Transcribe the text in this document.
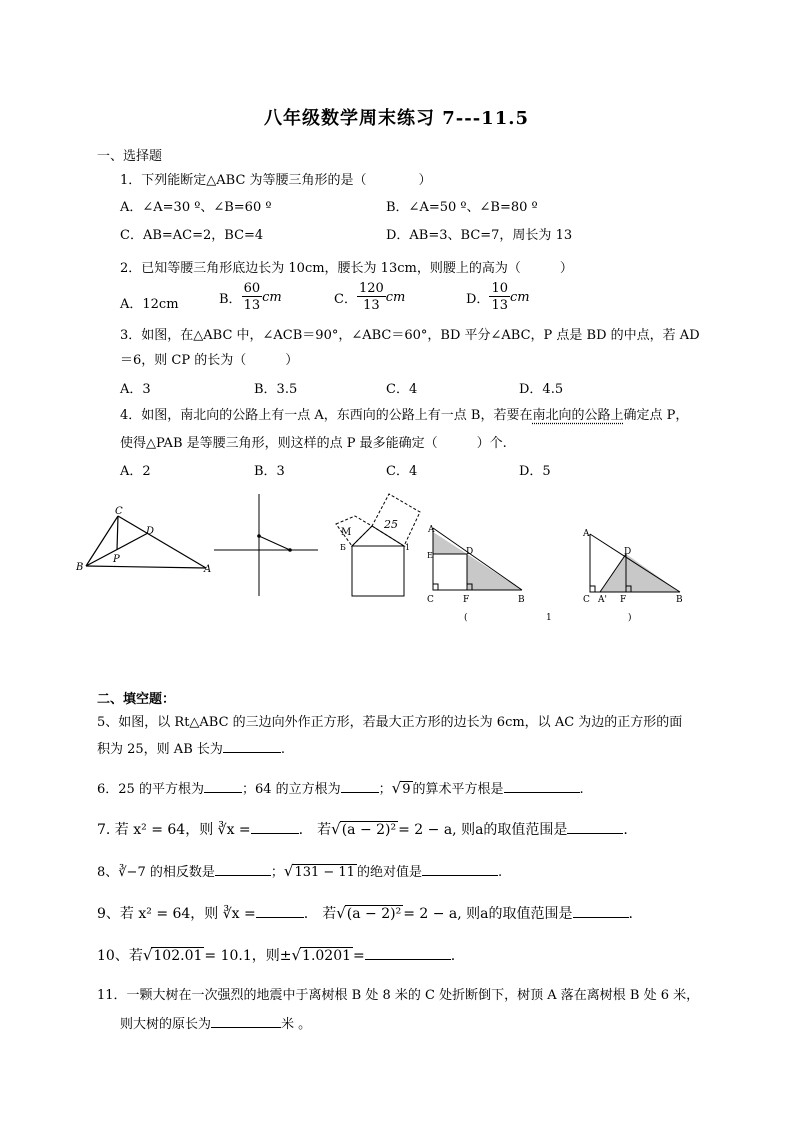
八年级数学周末练习 7---11.5
一、选择题
1．下列能断定△ABC 为等腰三角形的是（　　　　）
A．∠A=30 º、∠B=60 º	B．∠A=50 º、∠B=80 º
C．AB=AC=2，BC=4	D．AB=3、BC=7，周长为 13
2．已知等腰三角形底边长为 10cm，腰长为 13cm，则腰上的高为（　　　）
A．12cm	B． $\frac{60}{13}$ cm	C． $\frac{120}{13}$ cm	D． $\frac{10}{13}$ cm
3．如图，在△ABC 中，∠ACB＝90°，∠ABC＝60°，BD 平分∠ABC，P 点是 BD 的中点，若 AD
＝6，则 CP 的长为（　　　）
A．3	B．3.5	C．4	D．4.5
4．如图，南北向的公路上有一点 A，东西向的公路上有一点 B，若要在南北向的公路上确定点 P，
使得△PAB 是等腰三角形，则这样的点 P 最多能确定（　　　）个.
A．2	B．3	C．4	D．5
C
D
P
B	A
M
25
Б	1
A
D
C	F	B
E
A
D
C A' F	B
(	1	)
二、填空题：
5、如图，以 Rt△ABC 的三边向外作正方形，若最大正方形的边长为 6cm，以 AC 为边的正方形的面
积为 25，则 AB 长为	.
6．25 的平方根为	；64 的立方根为	；√9 的算术平方根是	.
7. 若 x² = 64，则 ∛x =	.　若√(a − 2)² = 2 − a, 则a的取值范围是	.
8、∛−7 的相反数是	；√131 − 11 的绝对值是	.
9、若 x² = 64，则 ∛x =	.　若√(a − 2)² = 2 − a, 则a的取值范围是	.
10、若√102.01 = 10.1，则±√1.0201 =	.
11．一颗大树在一次强烈的地震中于离树根 B 处 8 米的 C 处折断倒下，树顶 A 落在离树根 B 处 6 米，
则大树的原长为	米 。
